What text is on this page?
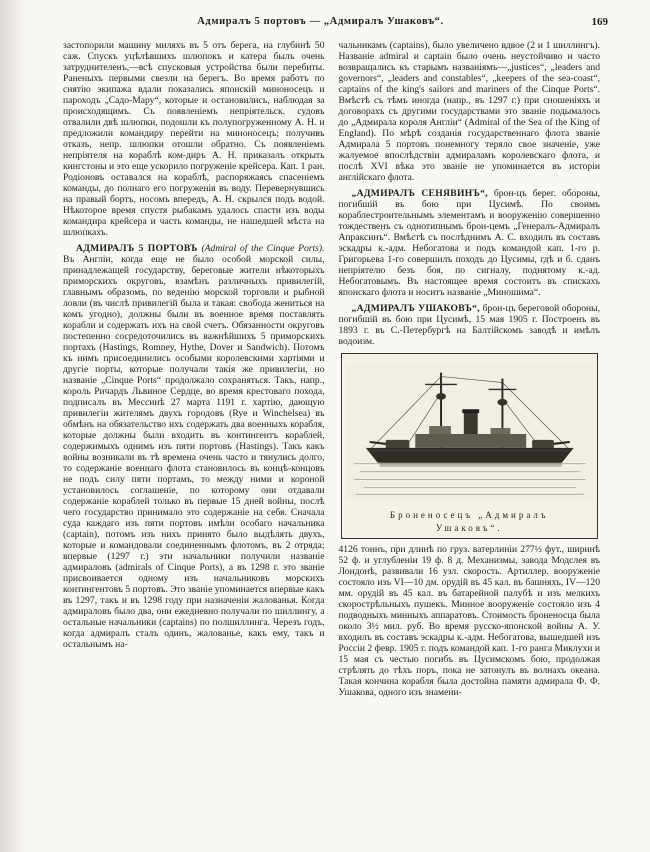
Адмиралъ 5 портовъ — „Адмиралъ Ушаковъ“.	169

застопорили машину миляхъ въ 5 отъ берега, на глубинѣ 50 саж. Спускъ уцѣлѣвшихъ шлюпокъ и катера былъ очень затруднителенъ,—всѣ спусковыя устройства были перебиты. Раненыхъ первыми свезли на берегъ. Во время работъ по снятію экипажа вдали показались японскій миноносецъ и пароходъ „Садо-Мару“, которые и остановились, наблюдая за происходящимъ. Съ появленіемъ непріятельск. судовъ отвалили двѣ шлюпки, подошли къ полупогруженному А. Н. и предложили командиру перейти на миноносецъ; получивъ отказъ, непр. шлюпки отошли обратно. Съ появленіемъ непріятеля на кораблѣ ком-диръ А. Н. приказалъ открыть кингстоны и это еще ускорило погруженіе крейсера. Кап. 1 ран. Родіоновъ оставался на кораблѣ, распоряжаясь спасеніемъ команды, до полнаго его погруженія въ воду. Перевернувшись на правый бортъ, носомъ впередъ, А. Н. скрылся подъ водой. Нѣкоторое время спустя рыбакамъ удалось спасти изъ воды командира крейсера и часть команды, не нашедшей мѣста на шлюпкахъ.

АДМИРАЛЪ 5 ПОРТОВЪ (Admiral of the Cinque Ports). Въ Англіи, когда еще не было особой морской силы, принадлежащей государству, береговые жители нѣкоторыхъ приморскихъ округовъ, взамѣнъ различныхъ привилегій, главнымъ образомъ, по веденію морской торговли и рыбной ловли (въ числѣ привилегій была и такая: свобода жениться на комъ угодно), должны были въ военное время поставлять корабли и содержать ихъ на свой счетъ. Обязанности округовъ постепенно сосредоточились въ важнѣйшихъ 5 приморскихъ портахъ (Hastings, Romney, Hythe, Dover и Sandwich). Потомъ къ нимъ присоединились особыми королевскими хартіями и другіе порты, которые получали такія же привилегіи, но названіе „Cinque Ports“ продолжало сохраняться. Такъ, напр., король Ричардъ Львиное Сердце, во время крестоваго похода, подписалъ въ Мессинѣ 27 марта 1191 г. хартію, дающую привилегіи жителямъ двухъ городовъ (Rye и Winchelsea) въ обмѣнъ на обязательство ихъ содержать два военныхъ корабля, которые должны были входить въ контингентъ кораблей, содержимыхъ однимъ изъ пяти портовъ (Hastings). Такъ какъ войны возникали въ тѣ времена очень часто и тянулись долго, то содержаніе военнаго флота становилось въ концѣ-концовъ не подъ силу пяти портамъ, то между ними и короной установилось соглашеніе, по которому они отдавали содержаніе кораблей только въ первые 15 дней войны, послѣ чего государство принимало это содержаніе на себя. Сначала суда каждаго изъ пяти портовъ имѣли особаго начальника (captain), потомъ изъ нихъ принято было выдѣлять двухъ, которые и командовали соединеннымъ флотомъ, въ 2 отряда; впервые (1297 г.) эти начальники получили названіе адмираловъ (admirals of Cinque Ports), а въ 1298 г. это званіе присвоивается одному изъ начальниковъ морскихъ контингентовъ 5 портовъ. Это званіе упоминается впервые какъ въ 1297, такъ и въ 1298 году при назначеніи жалованья. Когда адмираловъ было два, они ежедневно получали по шиллингу, а остальные начальники (captains) по полшиллинга. Черезъ годъ, когда адмиралъ сталъ одинъ, жалованье, какъ ему, такъ и остальнымъ на-

чальникамъ (captains), было увеличено вдвое (2 и 1 шиллингъ). Названіе admiral и captain было очень неустойчиво и часто возвращались къ старымъ названіямъ—„justices“, „leaders and governors“, „leaders and constables“, „keepers of the sea-coast“, captains of the king's sailors and mariners of the Cinque Ports“. Вмѣстѣ съ тѣмъ иногда (напр., въ 1297 г.) при сношеніяхъ и договорахъ съ другими государствами это званіе подымалось до „Адмирала короля Англіи“ (Admiral of the Sea of the King of England). По мѣрѣ созданія государственнаго флота званіе Адмирала 5 портовъ понемногу теряло свое значеніе, уже жалуемое впослѣдствіи адмираламъ королевскаго флота, и послѣ XVI вѣка это званіе не упоминается въ исторіи англійскаго флота.

„АДМИРАЛЪ СЕНЯВИНЪ“, брон-цъ берег. обороны, погибшій въ бою при Цусимѣ. По своимъ кораблестроительнымъ элементамъ и вооруженію совершенно тождественъ съ однотипнымъ брон-цемъ „Генералъ-Адмиралъ Апраксинъ“. Вмѣстѣ съ послѣднимъ А. С. входилъ въ составъ эскадры к.-адм. Небогатова и подъ командой кап. 1-го р. Григорьева 1-го совершилъ походъ до Цусимы, гдѣ и б. сданъ непріятелю безъ боя, по сигналу, поднятому к.-ад. Небогатовымъ. Въ настоящее время состоитъ въ спискахъ японскаго флота и носитъ названіе „Миношима“.

„АДМИРАЛЪ УШАКОВЪ“, брон-цъ береговой обороны, погибшій въ бою при Цусимѣ, 15 мая 1905 г. Построенъ въ 1893 г. въ С.-Петербургѣ на Балтійскомъ заводѣ и имѣлъ водоизм.

Броненосецъ „Адмиралъ
Ушаковъ“.

4126 тоннъ, при длинѣ по груз. ватерлиніи 277½ фут., ширинѣ 52 ф. и углубленіи 19 ф. 8 д. Механизмы, завода Модслея въ Лондонѣ, развивали 16 узл. скорость. Артиллер. вооруженіе состояло изъ VI—10 дм. орудій въ 45 кал. въ башняхъ, IV—120 мм. орудій въ 45 кал. въ батарейной палубѣ и изъ мелкихъ скорострѣльныхъ пушекъ. Минное вооруженіе состояло изъ 4 подводныхъ минныхъ аппаратовъ. Стоимость броненосца была около 3½ мил. руб. Во время русско-японской войны А. У. входилъ въ составъ эскадры к.-адм. Небогатова, вышедшей изъ Россіи 2 февр. 1905 г. подъ командой кап. 1-го ранга Миклухи и 15 мая съ честью погибъ въ Цусимскомъ бою, продолжая стрѣлять до тѣхъ поръ, пока не затонулъ въ волнахъ океана. Такая кончина корабля была достойна памяти адмирала Ф. Ф. Ушакова, одного изъ знамени-
